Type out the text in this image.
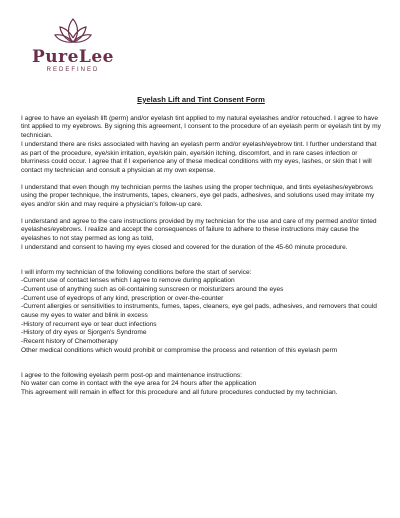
PureLee
REDEFINED
Eyelash Lift and Tint Consent Form

I agree to have an eyelash lift (perm) and/or eyelash tint applied to my natural eyelashes and/or retouched. I agree to have tint applied to my eyebrows. By signing this agreement, I consent to the procedure of an eyelash perm or eyelash tint by my technician.
I understand there are risks associated with having an eyelash perm and/or eyelash/eyebrow tint. I further understand that as part of the procedure, eye/skin irritation, eye/skin pain, eye/skin itching, discomfort, and in rare cases infection or blurriness could occur. I agree that if I experience any of these medical conditions with my eyes, lashes, or skin that I will contact my technician and consult a physician at my own expense.

I understand that even though my technician perms the lashes using the proper technique, and tints eyelashes/eyebrows using the proper technique, the instruments, tapes, cleaners, eye gel pads, adhesives, and solutions used may irritate my eyes and/or skin and may require a physician's follow-up care.

I understand and agree to the care instructions provided by my technician for the use and care of my permed and/or tinted eyelashes/eyebrows. I realize and accept the consequences of failure to adhere to these instructions may cause the eyelashes to not stay permed as long as told,
I understand and consent to having my eyes closed and covered for the duration of the 45-60 minute procedure.

I will inform my technician of the following conditions before the start of service:
-Current use of contact lenses which I agree to remove during application
-Current use of anything such as oil-containing sunscreen or moisturizers around the eyes
-Current use of eyedrops of any kind, prescription or over-the-counter
-Current allergies or sensitivities to instruments, fumes, tapes, cleaners, eye gel pads, adhesives, and removers that could cause my eyes to water and blink in excess
-History of recurrent eye or tear duct infections
-History of dry eyes or Sjorgen's Syndrome
-Recent history of Chemotherapy
Other medical conditions which would prohibit or compromise the process and retention of this eyelash perm

I agree to the following eyelash perm post-op and maintenance instructions:
No water can come in contact with the eye area for 24 hours after the application
This agreement will remain in effect for this procedure and all future procedures conducted by my technician.
